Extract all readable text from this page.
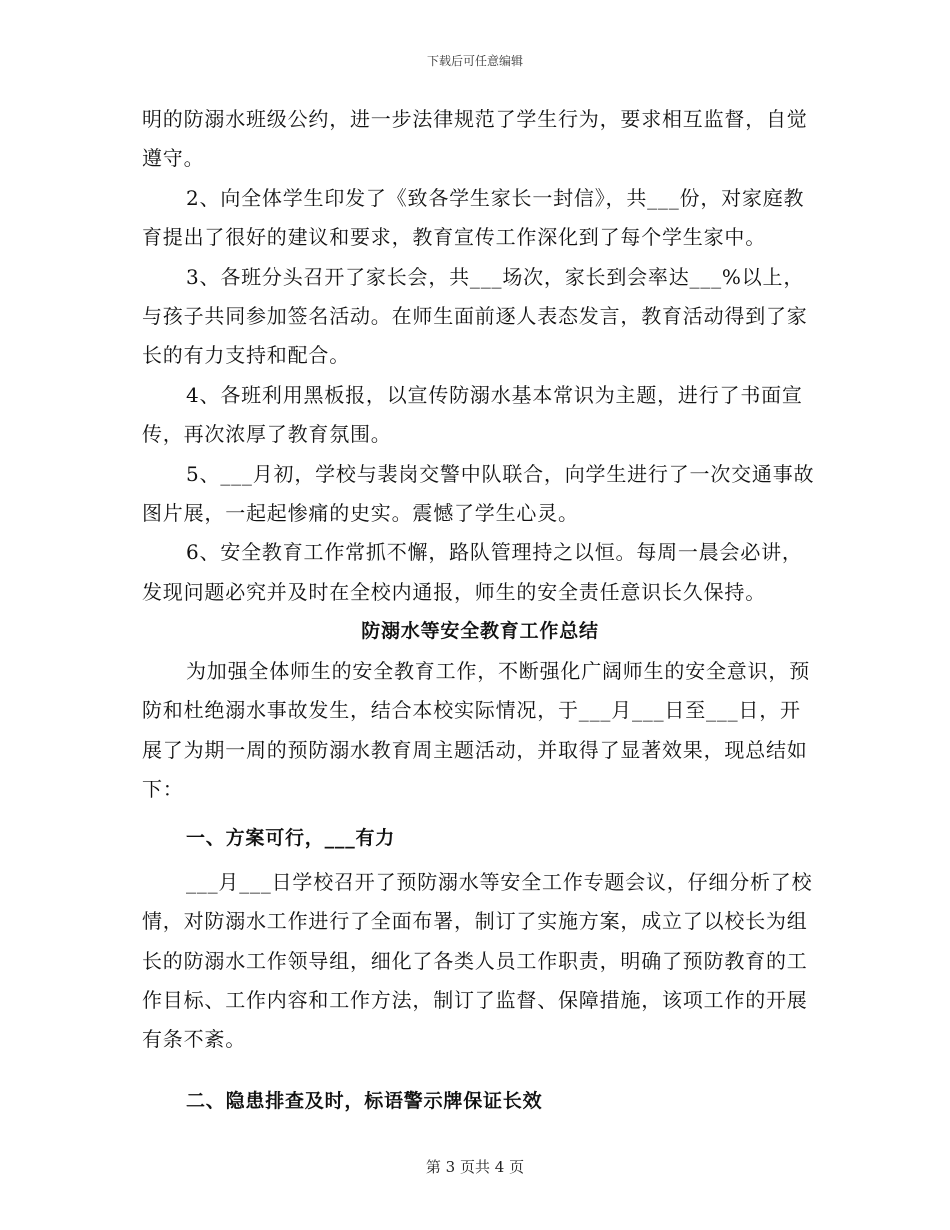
下载后可任意编辑

明的防溺水班级公约，进一步法律规范了学生行为，要求相互监督，自觉遵守。

2、向全体学生印发了《致各学生家长一封信》，共___份，对家庭教育提出了很好的建议和要求，教育宣传工作深化到了每个学生家中。

3、各班分头召开了家长会，共___场次，家长到会率达___%以上，与孩子共同参加签名活动。在师生面前逐人表态发言，教育活动得到了家长的有力支持和配合。

4、各班利用黑板报，以宣传防溺水基本常识为主题，进行了书面宣传，再次浓厚了教育氛围。

5、___月初，学校与裴岗交警中队联合，向学生进行了一次交通事故图片展，一起起惨痛的史实。震憾了学生心灵。

6、安全教育工作常抓不懈，路队管理持之以恒。每周一晨会必讲，发现问题必究并及时在全校内通报，师生的安全责任意识长久保持。

防溺水等安全教育工作总结

为加强全体师生的安全教育工作，不断强化广阔师生的安全意识，预防和杜绝溺水事故发生，结合本校实际情况，于___月___日至___日，开展了为期一周的预防溺水教育周主题活动，并取得了显著效果，现总结如下：

一、方案可行，___有力

___月___日学校召开了预防溺水等安全工作专题会议，仔细分析了校情，对防溺水工作进行了全面布署，制订了实施方案，成立了以校长为组长的防溺水工作领导组，细化了各类人员工作职责，明确了预防教育的工作目标、工作内容和工作方法，制订了监督、保障措施，该项工作的开展有条不紊。

二、隐患排查及时，标语警示牌保证长效

第 3 页共 4 页
